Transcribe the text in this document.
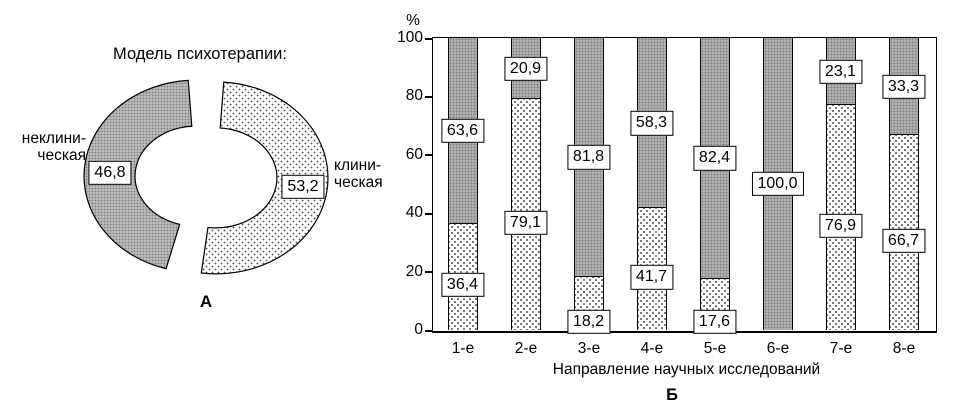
Модель психотерапии:
неклини-
ческая
клини-
ческая
46,8
53,2
А
%
100
80
60
40
20
0
63,6
36,4
20,9
79,1
81,8
18,2
58,3
41,7
82,4
17,6
100,0
23,1
76,9
33,3
66,7
1-е	2-е	3-е	4-е	5-е	6-е	7-е	8-е
Направление научных исследований
Б
